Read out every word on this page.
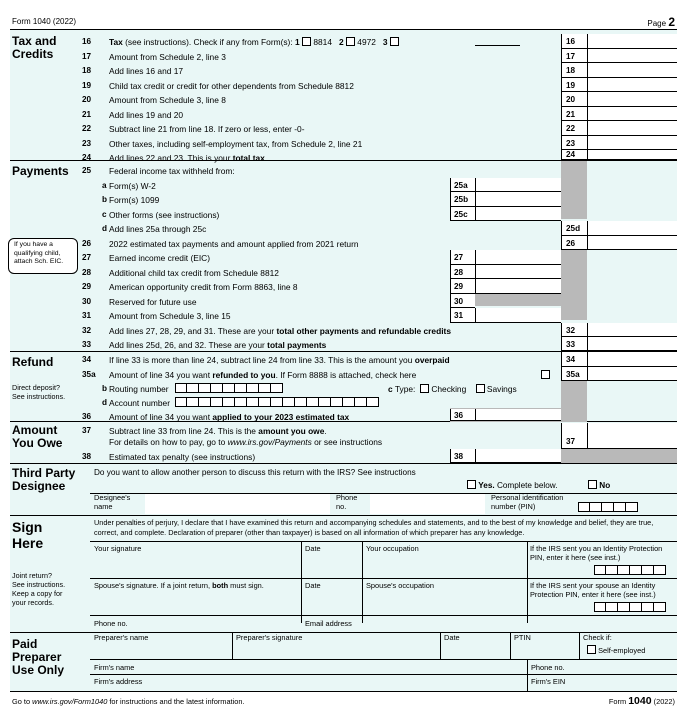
Form 1040 (2022)	Page 2
Tax and
Credits
Payments
Refund
Amount
You Owe
Third Party
Designee
Sign
Here
Paid
Preparer
Use Only
Direct deposit?
See instructions.
Joint return?
See instructions.
Keep a copy for
your records.
If you have a qualifying child, attach Sch. EIC.
16 Tax (see instructions). Check if any from Form(s): 1 8814 2 4972 3	16
17 Amount from Schedule 2, line 3	17
18 Add lines 16 and 17	18
19 Child tax credit or credit for other dependents from Schedule 8812	19
20 Amount from Schedule 3, line 8	20
21 Add lines 19 and 20	21
22 Subtract line 21 from line 18. If zero or less, enter -0-	22
23 Other taxes, including self-employment tax, from Schedule 2, line 21	23
24 Add lines 22 and 23. This is your total tax	24
25 Federal income tax withheld from:
a Form(s) W-2	25a
b Form(s) 1099	25b
c Other forms (see instructions)	25c
d Add lines 25a through 25c	25d
26 2022 estimated tax payments and amount applied from 2021 return	26
27 Earned income credit (EIC)	27
28 Additional child tax credit from Schedule 8812	28
29 American opportunity credit from Form 8863, line 8	29
30 Reserved for future use	30
31 Amount from Schedule 3, line 15	31
32 Add lines 27, 28, 29, and 31. These are your total other payments and refundable credits	32
33 Add lines 25d, 26, and 32. These are your total payments	33
34 If line 33 is more than line 24, subtract line 24 from line 33. This is the amount you overpaid	34
35a Amount of line 34 you want refunded to you. If Form 8888 is attached, check here	35a
b Routing number	c Type: Checking Savings
d Account number
36 Amount of line 34 you want applied to your 2023 estimated tax	36
37 Subtract line 33 from line 24. This is the amount you owe.
For details on how to pay, go to www.irs.gov/Payments or see instructions	37
38 Estimated tax penalty (see instructions)	38
Do you want to allow another person to discuss this return with the IRS? See instructions
Yes. Complete below.	No
Designee's
name
Phone
no.
Personal identification
number (PIN)
Under penalties of perjury, I declare that I have examined this return and accompanying schedules and statements, and to the best of my knowledge and belief, they are true, correct, and complete. Declaration of preparer (other than taxpayer) is based on all information of which preparer has any knowledge.
Your signature	Date	Your occupation	If the IRS sent you an Identity Protection PIN, enter it here (see inst.)
Spouse's signature. If a joint return, both must sign.	Date	Spouse's occupation	If the IRS sent your spouse an Identity Protection PIN, enter it here (see inst.)
Phone no.	Email address
Preparer's name	Preparer's signature	Date	PTIN	Check if:
Self-employed
Firm's name	Phone no.
Firm's address	Firm's EIN
Go to www.irs.gov/Form1040 for instructions and the latest information.	Form 1040 (2022)
